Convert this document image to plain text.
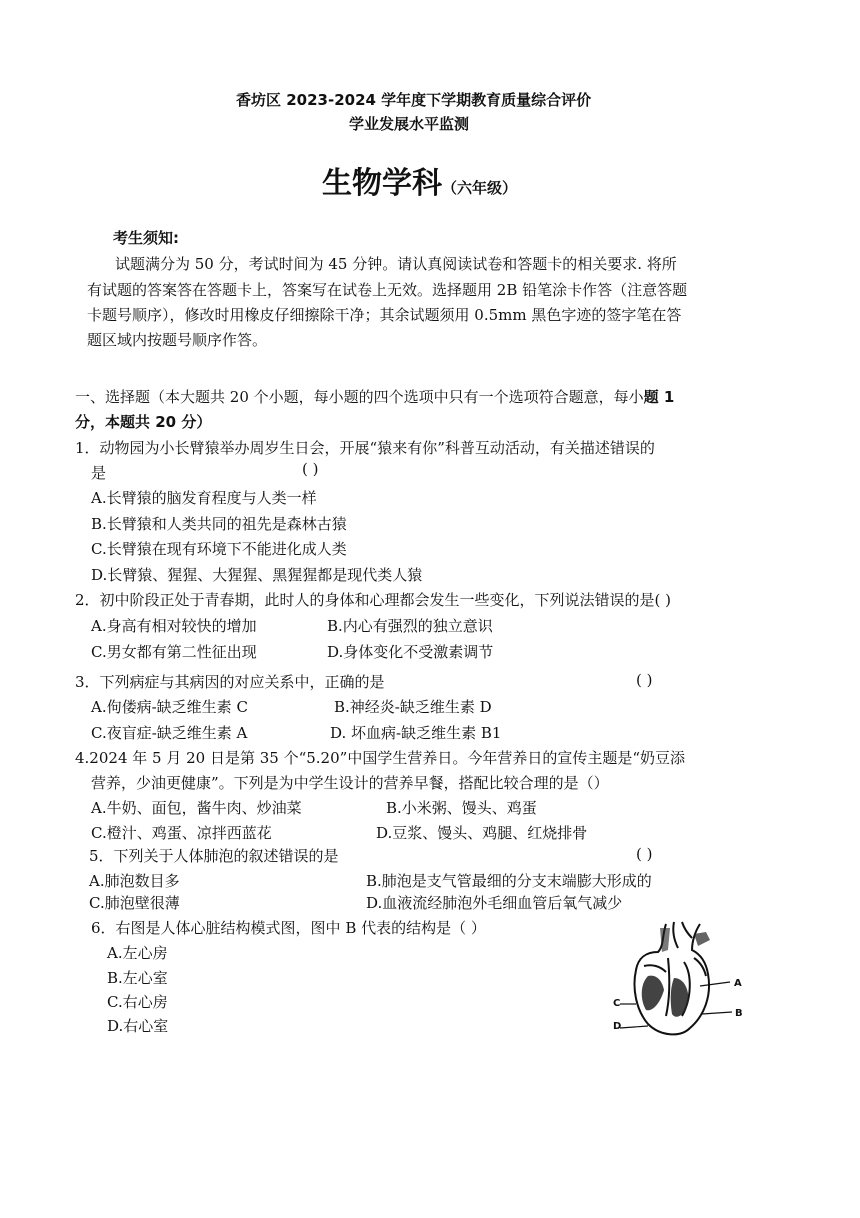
香坊区 2023-2024 学年度下学期教育质量综合评价
学业发展水平监测
生物学科（六年级）
考生须知:
试题满分为 50 分，考试时间为 45 分钟。请认真阅读试卷和答题卡的相关要求. 将所
有试题的答案答在答题卡上，答案写在试卷上无效。选择题用 2B 铅笔涂卡作答（注意答题
卡题号顺序），修改时用橡皮仔细擦除干净；其余试题须用 0.5mm 黑色字迹的签字笔在答
题区域内按题号顺序作答。
一、选择题（本大题共 20 个小题，每小题的四个选项中只有一个选项符合题意，每小题 1
分，本题共 20 分）
1．动物园为小长臂猿举办周岁生日会，开展“猿来有你”科普互动活动，有关描述错误的
是	( )
A.长臂猿的脑发育程度与人类一样
B.长臂猿和人类共同的祖先是森林古猿
C.长臂猿在现有环境下不能进化成人类
D.长臂猿、猩猩、大猩猩、黑猩猩都是现代类人猿
2．初中阶段正处于青春期，此时人的身体和心理都会发生一些变化，下列说法错误的是( )
A.身高有相对较快的增加	B.内心有强烈的独立意识
C.男女都有第二性征出现	D.身体变化不受激素调节
3．下列病症与其病因的对应关系中，正确的是	( )
A.佝偻病-缺乏维生素 C	B.神经炎-缺乏维生素 D
C.夜盲症-缺乏维生素 A	D. 坏血病-缺乏维生素 B1
4.2024 年 5 月 20 日是第 35 个“5.20”中国学生营养日。今年营养日的宣传主题是“奶豆添
营养，少油更健康”。下列是为中学生设计的营养早餐，搭配比较合理的是（）
A.牛奶、面包，酱牛肉、炒油菜	B.小米粥、馒头、鸡蛋
C.橙汁、鸡蛋、凉拌西蓝花	D.豆浆、馒头、鸡腿、红烧排骨
5．下列关于人体肺泡的叙述错误的是	( )
A.肺泡数目多	B.肺泡是支气管最细的分支末端膨大形成的
C.肺泡壁很薄	D.血液流经肺泡外毛细血管后氧气减少
6．右图是人体心脏结构模式图，图中 B 代表的结构是（ ）
A.左心房
B.左心室
C.右心房
D.右心室
A
B
C
D
